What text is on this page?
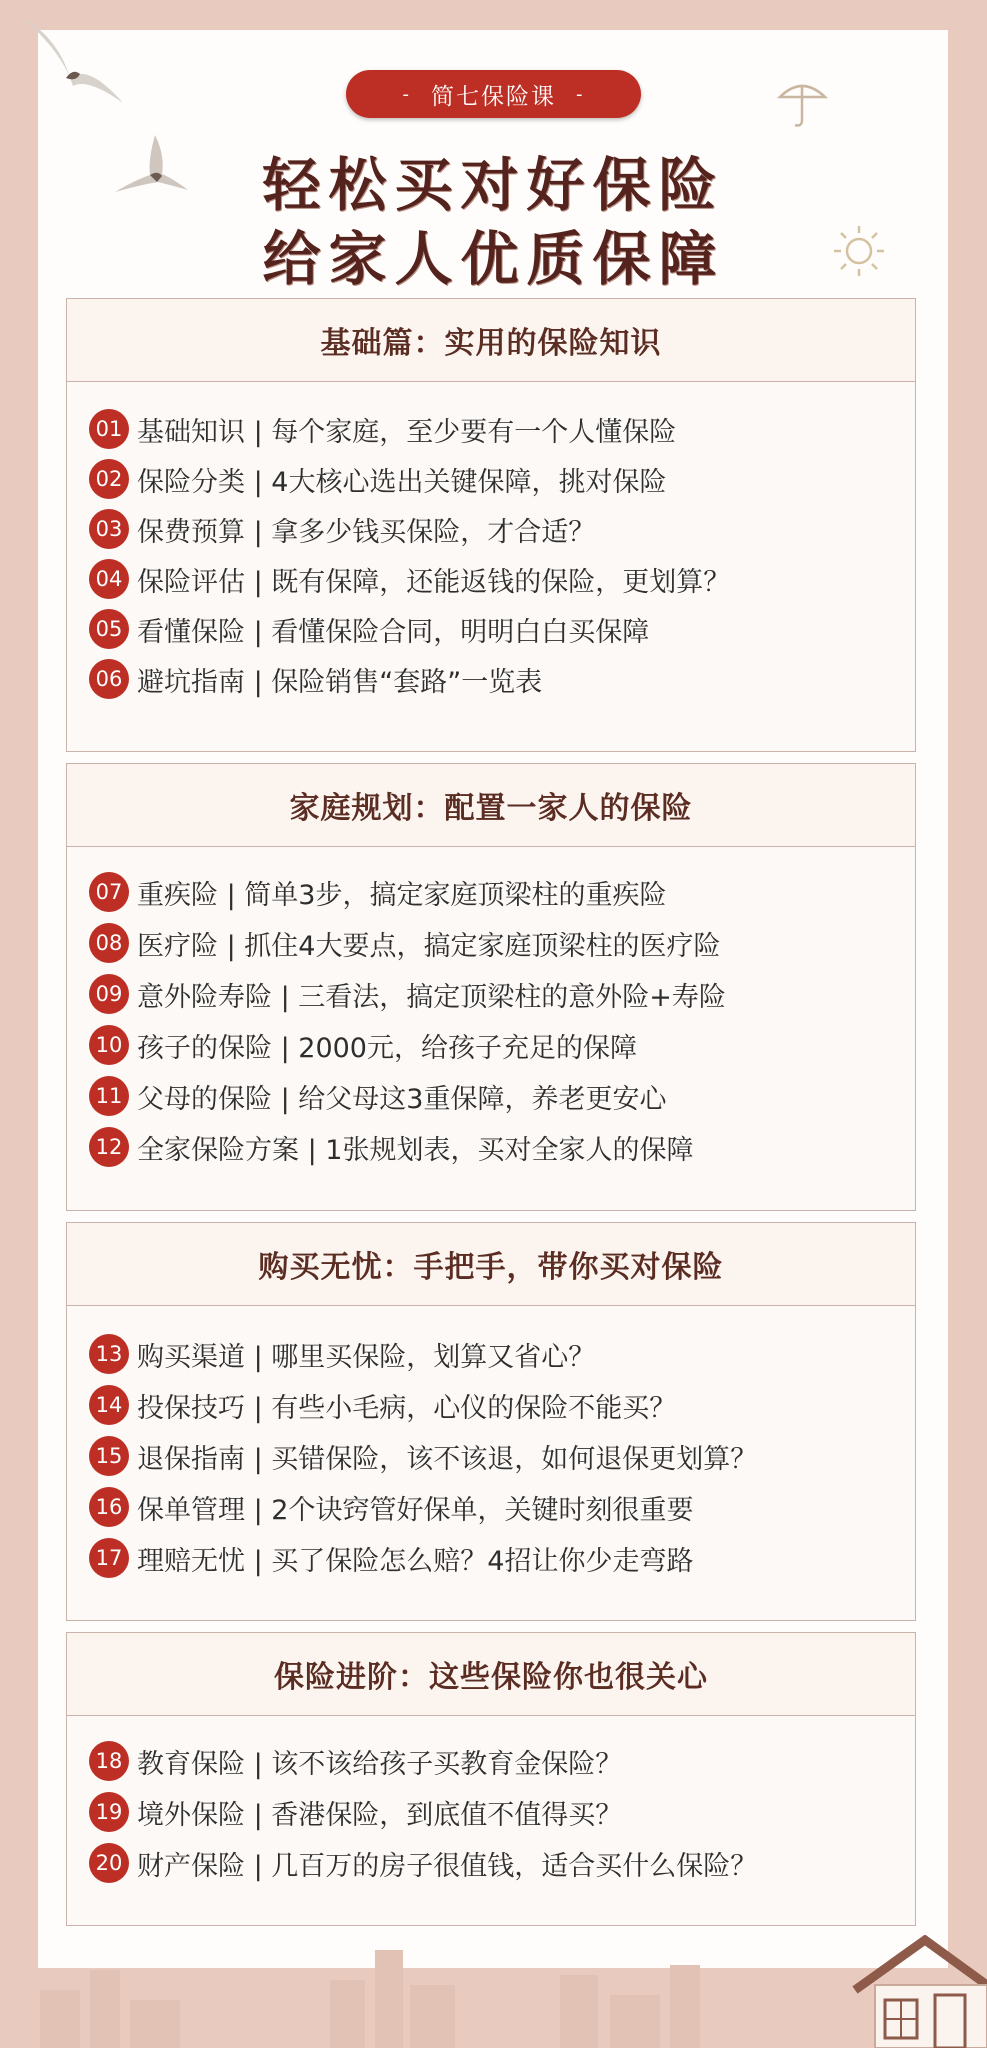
- 简七保险课 -
轻松买对好保险
给家人优质保障
基础篇：实用的保险知识
01 基础知识 | 每个家庭，至少要有一个人懂保险
02 保险分类 | 4大核心选出关键保障，挑对保险
03 保费预算 | 拿多少钱买保险，才合适？
04 保险评估 | 既有保障，还能返钱的保险，更划算？
05 看懂保险 | 看懂保险合同，明明白白买保障
06 避坑指南 | 保险销售“套路”一览表
家庭规划：配置一家人的保险
07 重疾险 | 简单3步，搞定家庭顶梁柱的重疾险
08 医疗险 | 抓住4大要点，搞定家庭顶梁柱的医疗险
09 意外险寿险 | 三看法，搞定顶梁柱的意外险+寿险
10 孩子的保险 | 2000元，给孩子充足的保障
11 父母的保险 | 给父母这3重保障，养老更安心
12 全家保险方案 | 1张规划表，买对全家人的保障
购买无忧：手把手，带你买对保险
13 购买渠道 | 哪里买保险，划算又省心？
14 投保技巧 | 有些小毛病，心仪的保险不能买？
15 退保指南 | 买错保险，该不该退，如何退保更划算？
16 保单管理 | 2个诀窍管好保单，关键时刻很重要
17 理赔无忧 | 买了保险怎么赔？4招让你少走弯路
保险进阶：这些保险你也很关心
18 教育保险 | 该不该给孩子买教育金保险？
19 境外保险 | 香港保险，到底值不值得买？
20 财产保险 | 几百万的房子很值钱，适合买什么保险？
